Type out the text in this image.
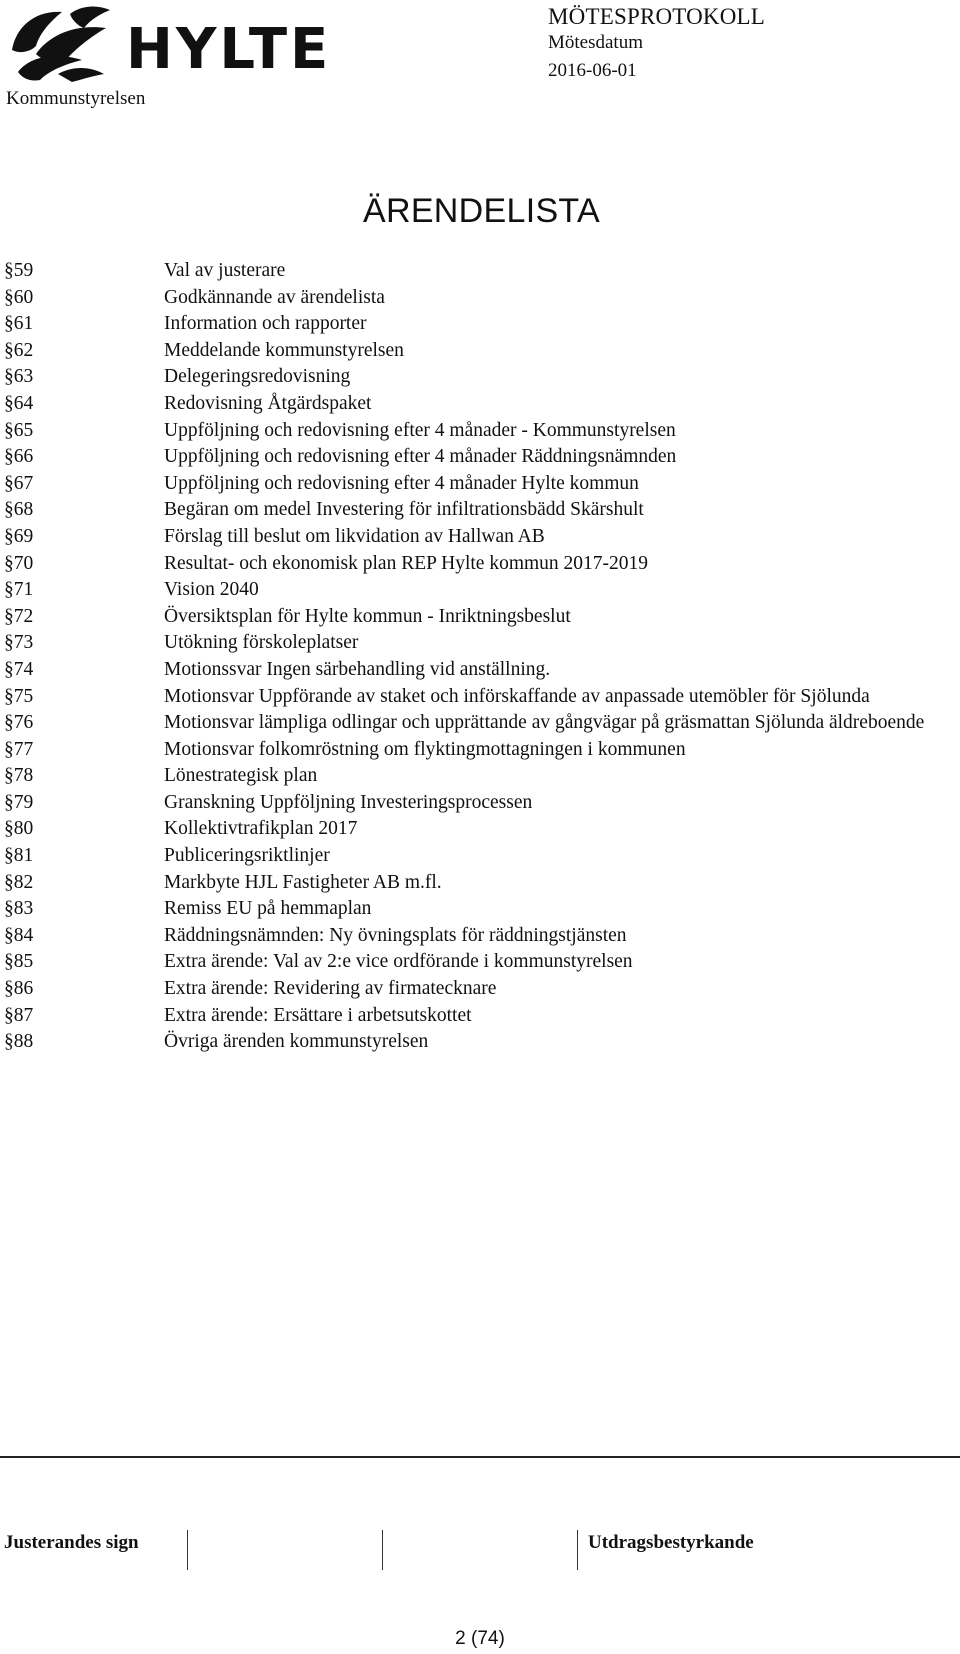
HYLTE
Kommunstyrelsen
MÖTESPROTOKOLL
Mötesdatum
2016-06-01
ÄRENDELISTA
§59	Val av justerare
§60	Godkännande av ärendelista
§61	Information och rapporter
§62	Meddelande kommunstyrelsen
§63	Delegeringsredovisning
§64	Redovisning Åtgärdspaket
§65	Uppföljning och redovisning efter 4 månader - Kommunstyrelsen
§66	Uppföljning och redovisning efter 4 månader Räddningsnämnden
§67	Uppföljning och redovisning efter 4 månader Hylte kommun
§68	Begäran om medel Investering för infiltrationsbädd Skärshult
§69	Förslag till beslut om likvidation av Hallwan AB
§70	Resultat- och ekonomisk plan REP Hylte kommun 2017-2019
§71	Vision 2040
§72	Översiktsplan för Hylte kommun - Inriktningsbeslut
§73	Utökning förskoleplatser
§74	Motionssvar Ingen särbehandling vid anställning.
§75	Motionsvar Uppförande av staket och införskaffande av anpassade utemöbler för Sjölunda
§76	Motionsvar lämpliga odlingar och upprättande av gångvägar på gräsmattan Sjölunda äldreboende
§77	Motionsvar folkomröstning om flyktingmottagningen i kommunen
§78	Lönestrategisk plan
§79	Granskning Uppföljning Investeringsprocessen
§80	Kollektivtrafikplan 2017
§81	Publiceringsriktlinjer
§82	Markbyte HJL Fastigheter AB m.fl.
§83	Remiss EU på hemmaplan
§84	Räddningsnämnden: Ny övningsplats för räddningstjänsten
§85	Extra ärende: Val av 2:e vice ordförande i kommunstyrelsen
§86	Extra ärende: Revidering av firmatecknare
§87	Extra ärende: Ersättare i arbetsutskottet
§88	Övriga ärenden kommunstyrelsen
Justerandes sign	Utdragsbestyrkande
2 (74)
